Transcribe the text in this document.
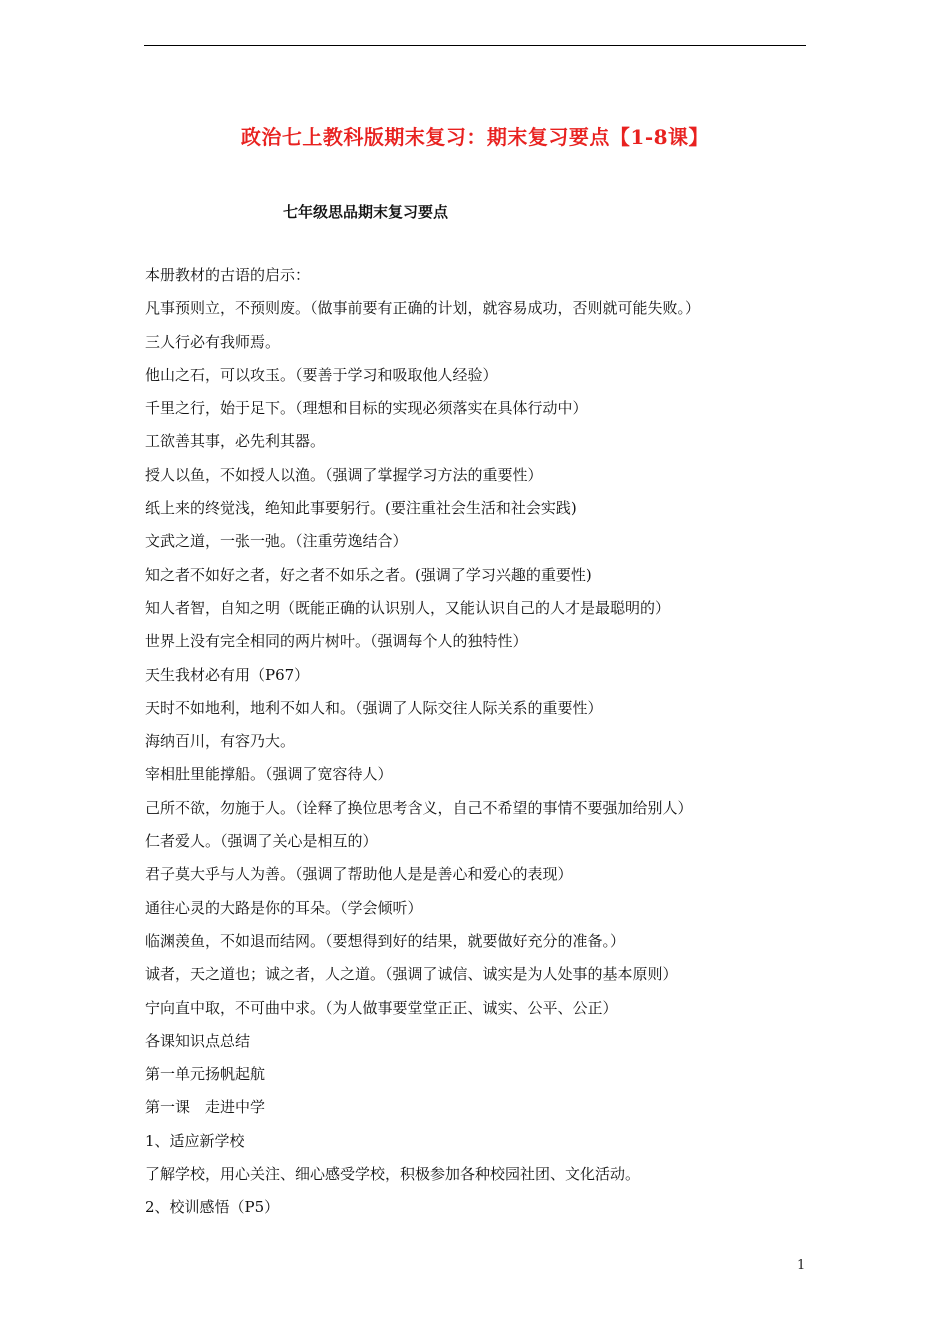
政治七上教科版期末复习：期末复习要点【1-8课】
七年级思品期末复习要点
本册教材的古语的启示：
凡事预则立，不预则废。（做事前要有正确的计划，就容易成功，否则就可能失败。）
三人行必有我师焉。
他山之石，可以攻玉。（要善于学习和吸取他人经验）
千里之行，始于足下。（理想和目标的实现必须落实在具体行动中）
工欲善其事，必先利其器。
授人以鱼，不如授人以渔。（强调了掌握学习方法的重要性）
纸上来的终觉浅，绝知此事要躬行。(要注重社会生活和社会实践)
文武之道，一张一弛。（注重劳逸结合）
知之者不如好之者，好之者不如乐之者。(强调了学习兴趣的重要性)
知人者智，自知之明（既能正确的认识别人，又能认识自己的人才是最聪明的）
世界上没有完全相同的两片树叶。（强调每个人的独特性）
天生我材必有用（P67）
天时不如地利，地利不如人和。（强调了人际交往人际关系的重要性）
海纳百川，有容乃大。
宰相肚里能撑船。（强调了宽容待人）
己所不欲，勿施于人。（诠释了换位思考含义，自己不希望的事情不要强加给别人）
仁者爱人。（强调了关心是相互的）
君子莫大乎与人为善。（强调了帮助他人是是善心和爱心的表现）
通往心灵的大路是你的耳朵。（学会倾听）
临渊羡鱼，不如退而结网。（要想得到好的结果，就要做好充分的准备。）
诚者，天之道也；诚之者，人之道。（强调了诚信、诚实是为人处事的基本原则）
宁向直中取，不可曲中求。（为人做事要堂堂正正、诚实、公平、公正）
各课知识点总结
第一单元扬帆起航
第一课　走进中学
1、适应新学校
了解学校，用心关注、细心感受学校，积极参加各种校园社团、文化活动。
2、校训感悟（P5）
1
